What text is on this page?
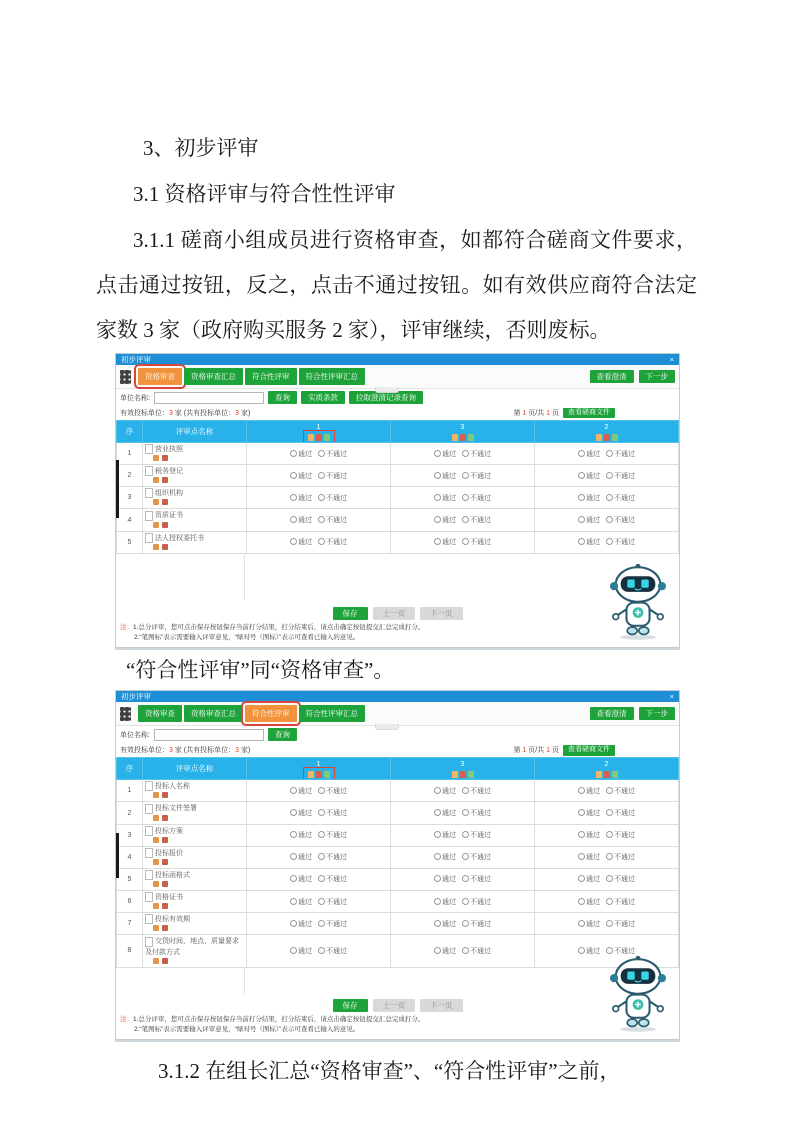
3、初步评审
3.1 资格评审与符合性性评审

3.1.1 磋商小组成员进行资格审查，如都符合磋商文件要求，点击通过按钮，反之，点击不通过按钮。如有效供应商符合法定家数 3 家（政府购买服务 2 家），评审继续，否则废标。

初步评审	×
资格审查	资格审查汇总	符合性评审	符合性评审汇总	查看澄清	下一步
单位名称:	查询	实质条款	拉取澄清记录查询
有效投标单位：3 家 (共有投标单位：3 家)	第 1 页/共 1 页	查看磋商文件
序	评审点名称	1	3	2

1	营业执照	通过 不通过	通过 不通过	通过 不通过
2	税务登记	通过 不通过	通过 不通过	通过 不通过
3	组织机构	通过 不通过	通过 不通过	通过 不通过
4	资质证书	通过 不通过	通过 不通过	通过 不通过
5	法人授权委托书	通过 不通过	通过 不通过	通过 不通过
保存	上一页	下一页
注：1.总分评审，您可点击保存按钮保存当前打分结果，打分结束后，请点击确定按钮提交汇总完成打分。
2.“笔图标”表示需要输入评审意见，“绿对号（图标）”表示可查看已输入的意见。
“符合性评审”同“资格审查”。
初步评审	×
资格审查	资格审查汇总	符合性评审	符合性评审汇总	查看澄清	下一步
单位名称:	查询
有效投标单位：3 家 (共有投标单位：3 家)	第 1 页/共 1 页	查看磋商文件
序	评审点名称	1	3	2

1	投标人名称	通过 不通过	通过 不通过	通过 不通过
2	投标文件签署	通过 不通过	通过 不通过	通过 不通过
3	投标方案	通过 不通过	通过 不通过	通过 不通过
4	投标报价	通过 不通过	通过 不通过	通过 不通过
5	投标函格式	通过 不通过	通过 不通过	通过 不通过
6	资格证书	通过 不通过	通过 不通过	通过 不通过
7	投标有效期	通过 不通过	通过 不通过	通过 不通过
8	交货时间、地点、质量要求及付款方式	通过 不通过	通过 不通过	通过 不通过
保存	上一页	下一页
注：1.总分评审，您可点击保存按钮保存当前打分结果，打分结束后，请点击确定按钮提交汇总完成打分。
2.“笔图标”表示需要输入评审意见，“绿对号（图标）”表示可查看已输入的意见。
3.1.2 在组长汇总“资格审查”、“符合性评审”之前，
